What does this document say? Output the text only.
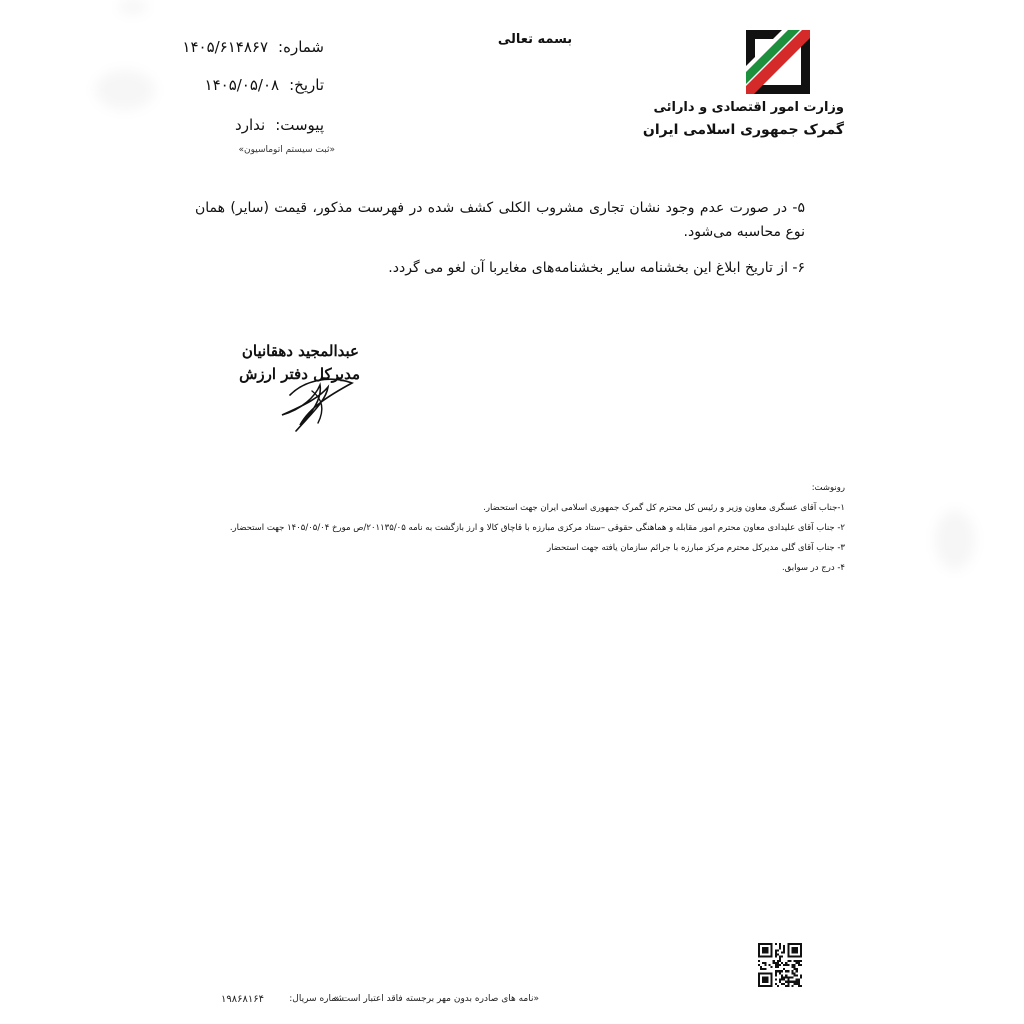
بسمه تعالی
شماره:۱۴۰۵/۶۱۴۸۶۷
تاریخ:۱۴۰۵/۰۵/۰۸
پیوست:ندارد
«ثبت سیستم اتوماسیون»
وزارت امور اقتصادی و دارائی
گمرک جمهوری اسلامی ایران

۵- در صورت عدم وجود نشان تجاری مشروب الکلی کشف شده در فهرست مذکور، قیمت (سایر) همان نوع محاسبه می‌شود.

۶- از تاریخ ابلاغ این بخشنامه سایر بخشنامه‌های مغایربا آن لغو می گردد.

عبدالمجید دهقانیان
مدیرکل دفتر ارزش
رونوشت:
۱-جناب آقای عسگری معاون وزیر و رئیس کل محترم کل گمرک جمهوری اسلامی ایران جهت استحضار.
۲- جناب آقای علیدادی معاون محترم امور مقابله و هماهنگی حقوقی –ستاد مرکزی مبارزه با قاچاق کالا و ارز بازگشت به نامه ۲۰۱۱۳۵/۰۵/ص مورخ ۱۴۰۵/۰۵/۰۴ جهت استحضار.
۳- جناب آقای گلی مدیرکل محترم مرکز مبارزه با جرائم سازمان یافته جهت استحضار
۴- درج در سوابق.
«نامه های صادره بدون مهر برجسته فاقد اعتبار است.»
شماره سریال:
۱۹۸۶۸۱۶۴
